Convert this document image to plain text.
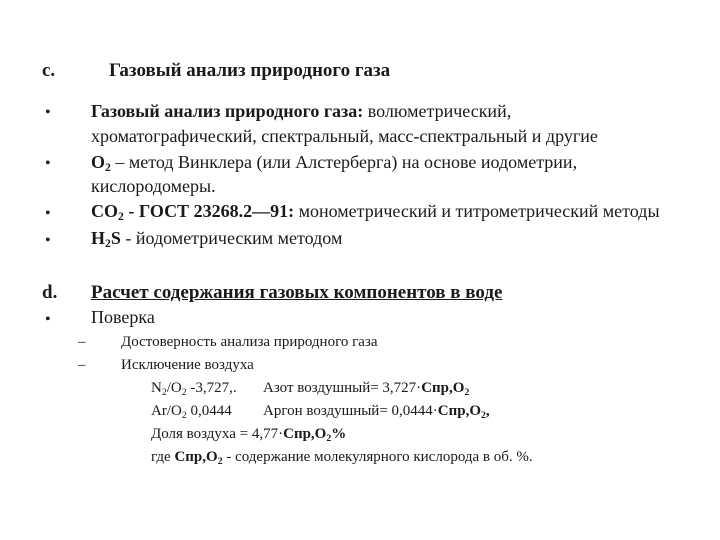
c.	Газовый анализ природного газа
• Газовый анализ природного газа: волюметрический,
хроматографический, спектральный, масс-спектральный и другие
• $O_2$ – метод Винклера (или Алстерберга) на основе иодометрии,
кислородомеры.
• $CO_2$ - ГОСТ 23268.2—91: монометрический и титрометрический методы
• $H_2S$ - йодометрическим методом
d. Расчет содержания газовых компонентов в воде
• Поверка
– Достоверность анализа природного газа
– Исключение воздуха
$N_2/O_2$ -3,727,. Азот воздушный= $3,727\cdot Спр,O_2$
$Ar/O_2$ 0,0444 Аргон воздушный= $0,0444\cdot Спр,O_2$,
Доля воздуха = $4,77\cdot Спр,O_2\%$
где $Спр,O_2$ - содержание молекулярного кислорода в об. %.
